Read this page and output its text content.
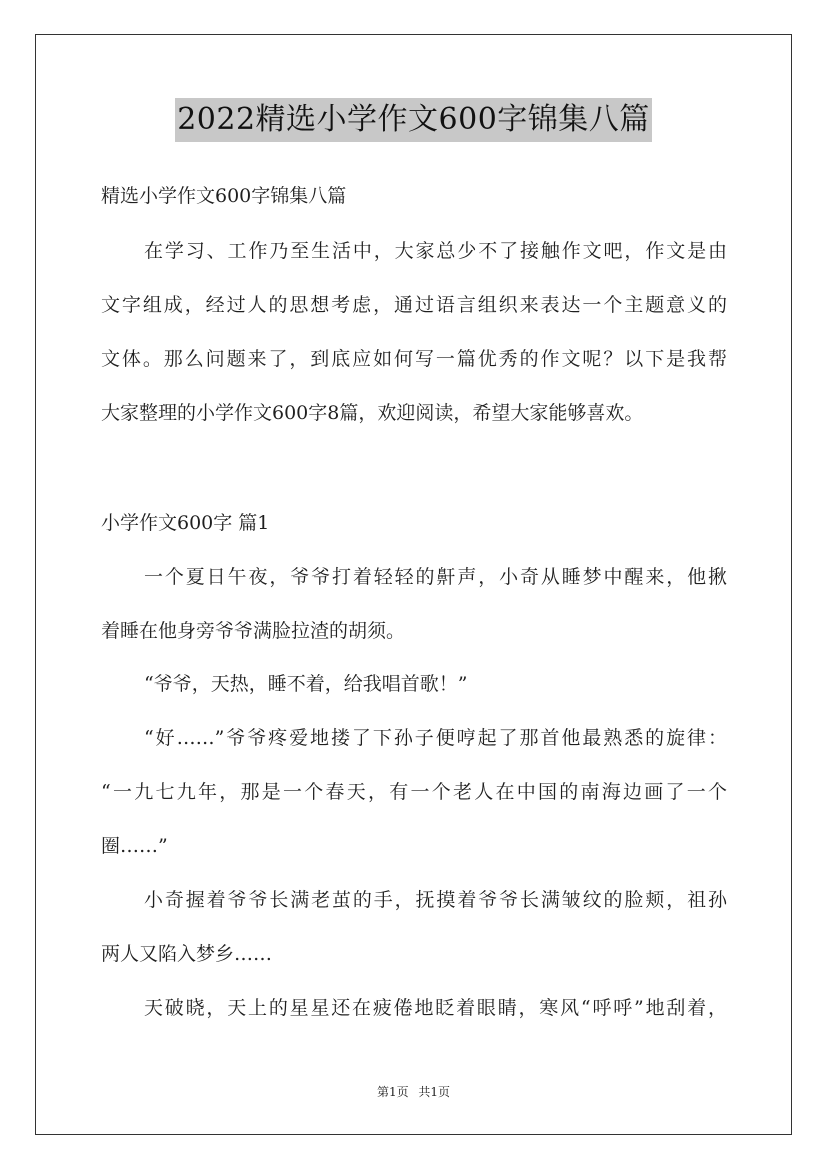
2022精选小学作文600字锦集八篇
精选小学作文600字锦集八篇
在学习、工作乃至生活中，大家总少不了接触作文吧，作文是由
文字组成，经过人的思想考虑，通过语言组织来表达一个主题意义的
文体。那么问题来了，到底应如何写一篇优秀的作文呢？以下是我帮
大家整理的小学作文600字8篇，欢迎阅读，希望大家能够喜欢。
小学作文600字 篇1
一个夏日午夜，爷爷打着轻轻的鼾声，小奇从睡梦中醒来，他揪
着睡在他身旁爷爷满脸拉渣的胡须。
“爷爷，天热，睡不着，给我唱首歌！”
“好……”爷爷疼爱地搂了下孙子便哼起了那首他最熟悉的旋律：
“一九七九年，那是一个春天，有一个老人在中国的南海边画了一个
圈……”
小奇握着爷爷长满老茧的手，抚摸着爷爷长满皱纹的脸颊，祖孙
两人又陷入梦乡……
天破晓，天上的星星还在疲倦地眨着眼睛，寒风“呼呼”地刮着，
第1页 共1页
